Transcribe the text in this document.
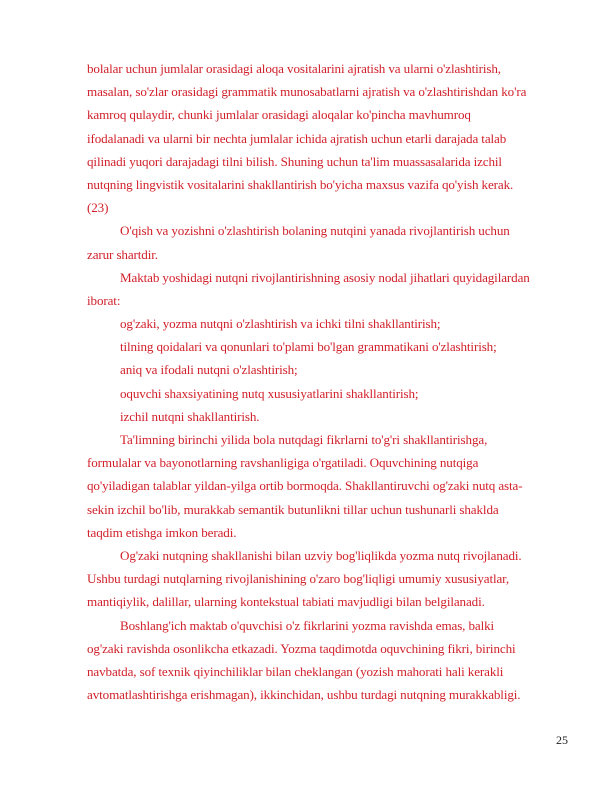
bolalar uchun jumlalar orasidagi aloqa vositalarini ajratish va ularni o'zlashtirish,
masalan, so'zlar orasidagi grammatik munosabatlarni ajratish va o'zlashtirishdan ko'ra
kamroq qulaydir, chunki jumlalar orasidagi aloqalar ko'pincha mavhumroq
ifodalanadi va ularni bir nechta jumlalar ichida ajratish uchun etarli darajada talab
qilinadi yuqori darajadagi tilni bilish. Shuning uchun ta'lim muassasalarida izchil
nutqning lingvistik vositalarini shakllantirish bo'yicha maxsus vazifa qo'yish kerak.
(23)
O'qish va yozishni o'zlashtirish bolaning nutqini yanada rivojlantirish uchun
zarur shartdir.
Maktab yoshidagi nutqni rivojlantirishning asosiy nodal jihatlari quyidagilardan
iborat:
og'zaki, yozma nutqni o'zlashtirish va ichki tilni shakllantirish;
tilning qoidalari va qonunlari to'plami bo'lgan grammatikani o'zlashtirish;
aniq va ifodali nutqni o'zlashtirish;
oquvchi shaxsiyatining nutq xususiyatlarini shakllantirish;
izchil nutqni shakllantirish.
Ta'limning birinchi yilida bola nutqdagi fikrlarni to'g'ri shakllantirishga,
formulalar va bayonotlarning ravshanligiga o'rgatiladi. Oquvchining nutqiga
qo'yiladigan talablar yildan-yilga ortib bormoqda. Shakllantiruvchi og'zaki nutq asta-
sekin izchil bo'lib, murakkab semantik butunlikni tillar uchun tushunarli shaklda
taqdim etishga imkon beradi.
Og'zaki nutqning shakllanishi bilan uzviy bog'liqlikda yozma nutq rivojlanadi.
Ushbu turdagi nutqlarning rivojlanishining o'zaro bog'liqligi umumiy xususiyatlar,
mantiqiylik, dalillar, ularning kontekstual tabiati mavjudligi bilan belgilanadi.
Boshlang'ich maktab o'quvchisi o'z fikrlarini yozma ravishda emas, balki
og'zaki ravishda osonlikcha etkazadi. Yozma taqdimotda oquvchining fikri, birinchi
navbatda, sof texnik qiyinchiliklar bilan cheklangan (yozish mahorati hali kerakli
avtomatlashtirishga erishmagan), ikkinchidan, ushbu turdagi nutqning murakkabligi.
25
